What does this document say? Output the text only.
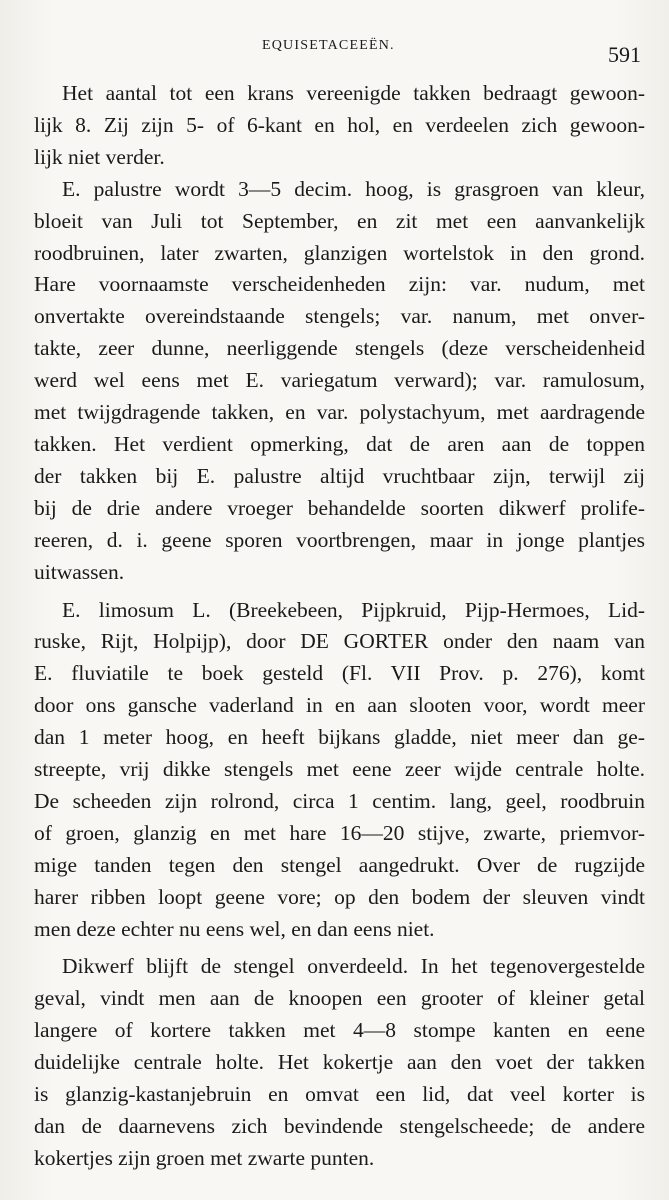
EQUISETACEEËN.	591

Het aantal tot een krans vereenigde takken bedraagt gewoon-
lijk 8. Zij zijn 5- of 6-kant en hol, en verdeelen zich gewoon-
lijk niet verder.

E. palustre wordt 3—5 decim. hoog, is grasgroen van kleur,
bloeit van Juli tot September, en zit met een aanvankelijk
roodbruinen, later zwarten, glanzigen wortelstok in den grond.
Hare voornaamste verscheidenheden zijn: var. nudum, met
onvertakte overeindstaande stengels; var. nanum, met onver-
takte, zeer dunne, neerliggende stengels (deze verscheidenheid
werd wel eens met E. variegatum verward); var. ramulosum,
met twijgdragende takken, en var. polystachyum, met aardragende
takken. Het verdient opmerking, dat de aren aan de toppen
der takken bij E. palustre altijd vruchtbaar zijn, terwijl zij
bij de drie andere vroeger behandelde soorten dikwerf prolife-
reeren, d. i. geene sporen voortbrengen, maar in jonge plantjes
uitwassen.

E. limosum L. (Breekebeen, Pijpkruid, Pijp-Hermoes, Lid-
ruske, Rijt, Holpijp), door DE GORTER onder den naam van
E. fluviatile te boek gesteld (Fl. VII Prov. p. 276), komt
door ons gansche vaderland in en aan slooten voor, wordt meer
dan 1 meter hoog, en heeft bijkans gladde, niet meer dan ge-
streepte, vrij dikke stengels met eene zeer wijde centrale holte.
De scheeden zijn rolrond, circa 1 centim. lang, geel, roodbruin
of groen, glanzig en met hare 16—20 stijve, zwarte, priemvor-
mige tanden tegen den stengel aangedrukt. Over de rugzijde
harer ribben loopt geene vore; op den bodem der sleuven vindt
men deze echter nu eens wel, en dan eens niet.

Dikwerf blijft de stengel onverdeeld. In het tegenovergestelde
geval, vindt men aan de knoopen een grooter of kleiner getal
langere of kortere takken met 4—8 stompe kanten en eene
duidelijke centrale holte. Het kokertje aan den voet der takken
is glanzig-kastanjebruin en omvat een lid, dat veel korter is
dan de daarnevens zich bevindende stengelscheede; de andere
kokertjes zijn groen met zwarte punten.
